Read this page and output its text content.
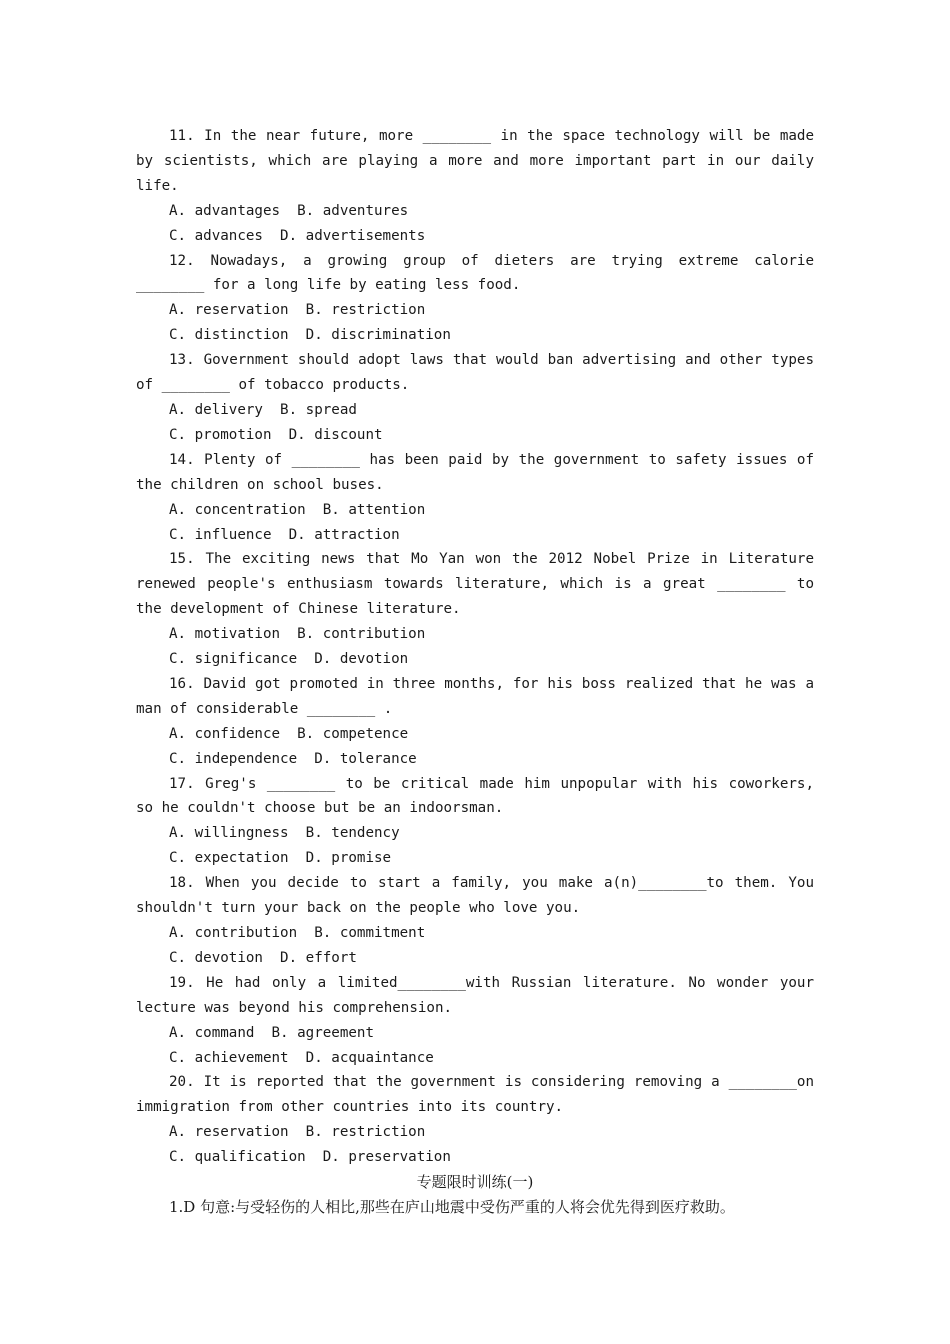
11. In the near future, more ________ in the space technology will be made by scientists, which are playing a more and more important part in our daily life.

A. advantages  B. adventures

C. advances  D. advertisements

12. Nowadays, a growing group of dieters are trying extreme calorie ________ for a long life by eating less food.

A. reservation  B. restriction

C. distinction  D. discrimination

13. Government should adopt laws that would ban advertising and other types of ________ of tobacco products.

A. delivery  B. spread

C. promotion  D. discount

14. Plenty of ________ has been paid by the government to safety issues of the children on school buses.

A. concentration  B. attention

C. influence  D. attraction

15. The exciting news that Mo Yan won the 2012 Nobel Prize in Literature renewed people's enthusiasm towards literature, which is a great ________ to the development of Chinese literature.

A. motivation  B. contribution

C. significance  D. devotion

16. David got promoted in three months, for his boss realized that he was a man of considerable ________ .

A. confidence  B. competence

C. independence  D. tolerance

17. Greg's ________ to be critical made him unpopular with his coworkers, so he couldn't choose but be an indoorsman.

A. willingness  B. tendency

C. expectation  D. promise

18. When you decide to start a family, you make a(n)________to them. You shouldn't turn your back on the people who love you.

A. contribution  B. commitment

C. devotion  D. effort

19. He had only a limited________with Russian literature. No wonder your lecture was beyond his comprehension.

A. command  B. agreement

C. achievement  D. acquaintance

20. It is reported that the government is considering removing a ________on immigration from other countries into its country.

A. reservation  B. restriction

C. qualification  D. preservation

专题限时训练(一)

1.D 句意:与受轻伤的人相比,那些在庐山地震中受伤严重的人将会优先得到医疗救助。
